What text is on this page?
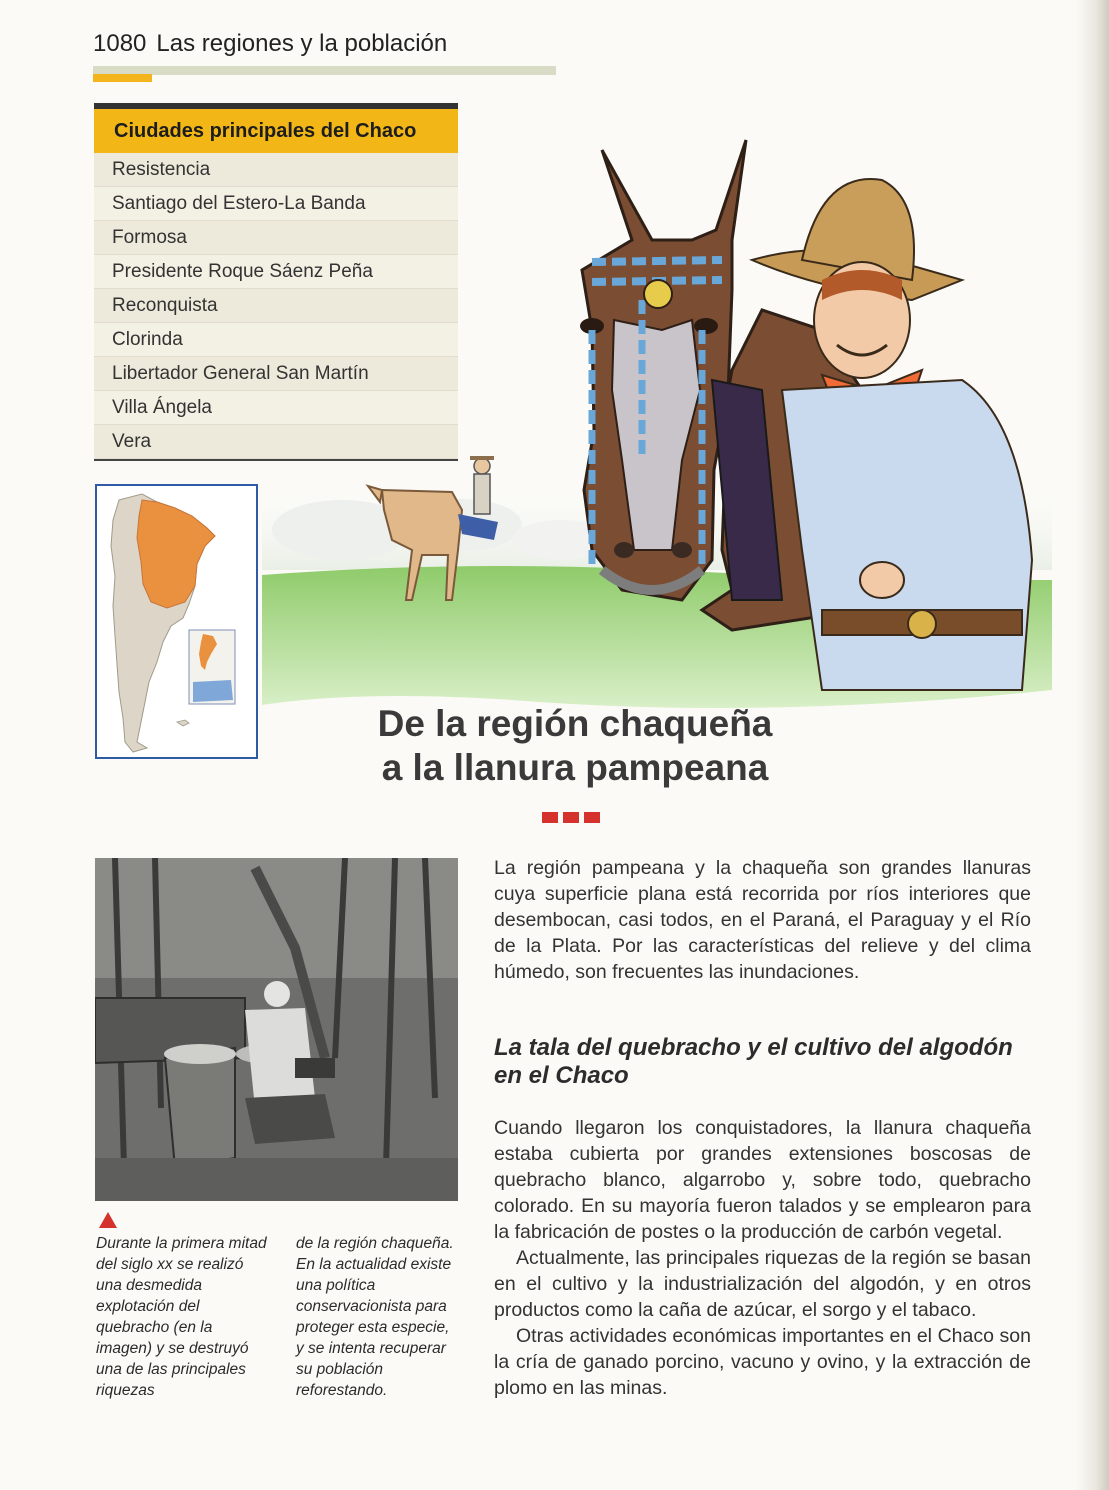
1080 Las regiones y la población
Ciudades principales del Chaco
Resistencia
Santiago del Estero-La Banda
Formosa
Presidente Roque Sáenz Peña
Reconquista
Clorinda
Libertador General San Martín
Villa Ángela
Vera
De la región chaqueña
a la llanura pampeana
Durante la primera mitad del siglo xx se realizó una desmedida explotación del quebracho (en la imagen) y se destruyó una de las principales riquezas
de la región chaqueña. En la actualidad existe una política conservacionista para proteger esta especie, y se intenta recuperar su población reforestando.
La región pampeana y la chaqueña son grandes llanuras cuya superficie plana está recorrida por ríos interiores que desembocan, casi todos, en el Paraná, el Paraguay y el Río de la Plata. Por las características del relieve y del clima húmedo, son frecuentes las inundaciones.
La tala del quebracho y el cultivo del algodón en el Chaco
Cuando llegaron los conquistadores, la llanura chaqueña estaba cubierta por grandes extensiones boscosas de quebracho blanco, algarrobo y, sobre todo, quebracho colorado. En su mayoría fueron talados y se emplearon para la fabricación de postes o la producción de carbón vegetal.
Actualmente, las principales riquezas de la región se basan en el cultivo y la industrialización del algodón, y en otros productos como la caña de azúcar, el sorgo y el tabaco.
Otras actividades económicas importantes en el Chaco son la cría de ganado porcino, vacuno y ovino, y la extracción de plomo en las minas.
